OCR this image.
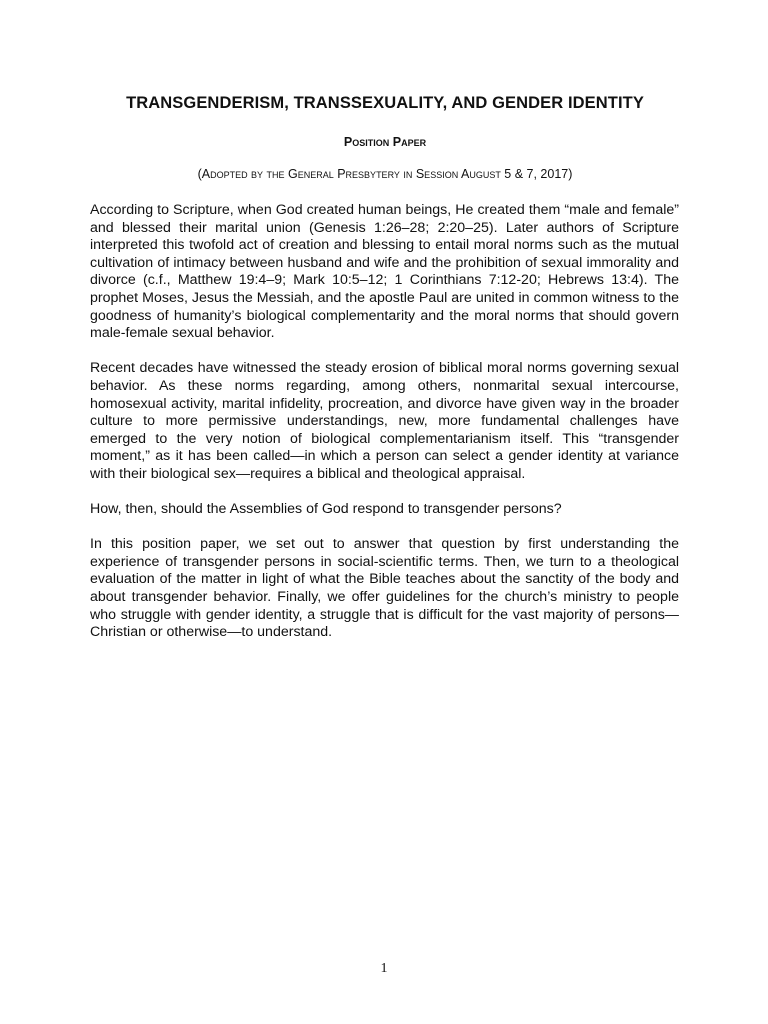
TRANSGENDERISM, TRANSSEXUALITY, AND GENDER IDENTITY
Position Paper
(Adopted by the General Presbytery in Session August 5 & 7, 2017)

According to Scripture, when God created human beings, He created them “male and female” and blessed their marital union (Genesis 1:26–28; 2:20–25). Later authors of Scripture interpreted this twofold act of creation and blessing to entail moral norms such as the mutual cultivation of intimacy between husband and wife and the prohibition of sexual immorality and divorce (c.f., Matthew 19:4–9; Mark 10:5–12; 1 Corinthians 7:12-20; Hebrews 13:4). The prophet Moses, Jesus the Messiah, and the apostle Paul are united in common witness to the goodness of humanity’s biological complementarity and the moral norms that should govern male-female sexual behavior.

Recent decades have witnessed the steady erosion of biblical moral norms governing sexual behavior. As these norms regarding, among others, nonmarital sexual intercourse, homosexual activity, marital infidelity, procreation, and divorce have given way in the broader culture to more permissive understandings, new, more fundamental challenges have emerged to the very notion of biological complementarianism itself. This “transgender moment,” as it has been called—in which a person can select a gender identity at variance with their biological sex—requires a biblical and theological appraisal.

How, then, should the Assemblies of God respond to transgender persons?

In this position paper, we set out to answer that question by first understanding the experience of transgender persons in social-scientific terms. Then, we turn to a theological evaluation of the matter in light of what the Bible teaches about the sanctity of the body and about transgender behavior. Finally, we offer guidelines for the church’s ministry to people who struggle with gender identity, a struggle that is difficult for the vast majority of persons—Christian or otherwise—to understand.

1
